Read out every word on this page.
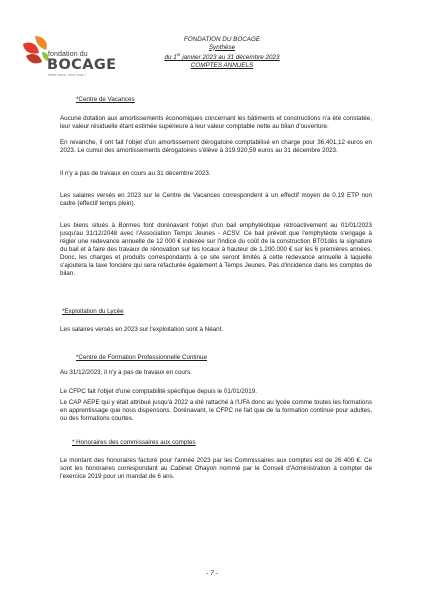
fondation du
BOCAGE
Notre force, c'est vous !
FONDATION DU BOCAGE
Synthèse
du 1er janvier 2023 au 31 décembre 2023
COMPTES ANNUELS
*Centre de Vacances

Aucune dotation aux amortissements économiques concernant les bâtiments et constructions n'a été constatée, leur valeur résiduelle étant estimée supérieure à leur valeur comptable nette au bilan d'ouverture.

En revanche, il ont fait l'objet d'un amortissement dérogatoire comptabilisé en charge pour 36.401,12 euros en 2023. Le cumul des amortissements dérogatoires s'élève à 319.920,59 euros au 31 décembre 2023.

Il n'y a pas de travaux en cours au 31 décembre 2023.

Les salaires versés en 2023 sur le Centre de Vacances correspondent à un effectif moyen de 0.19 ETP non cadre (effectif temps plein).

Les biens situés à Bormes font dorénavant l'objet d'un bail emphytéotique rétroactivement au 01/01/2023 jusqu'au 31/12/2048 avec l'Association Temps Jeunes - ACSV. Ce bail prévoit que l'emphytéote s'engage à régler une redevance annuelle de 12 000 € indexée sur l'indice du coût de la construction BT01dès la signature du bail et à faire des travaux de rénovation sur les locaux à hauteur de 1.200.000 € sur les 6 premières années. Donc, les charges et produits correspondants à ce site seront limités à cette redevance annuelle à laquelle s'ajoutera la taxe foncière qui sera refacturée également à Temps Jeunes. Pas d'incidence dans les comptes de bilan.

*Exploitation du Lycée

Les salaires versés en 2023 sur l'exploitation sont à Néant.

*Centre de Formation Professionnelle Continue

Au 31/12/2023, il n'y a pas de travaux en cours.

Le CFPC fait l'objet d'une comptabilité spécifique depuis le 01/01/2019.

Le CAP AEPE qui y était attribué jusqu'à 2022 a été rattaché à l'UFA donc au lycée comme toutes les formations en apprentissage que nous dispensons. Dorénavant, le CFPC ne fait que de la formation continue pour adultes, ou des formations courtes.

* Honoraires des commissaires aux comptes

Le montant des honoraires facturé pour l'année 2023 par les Commissaires aux comptes est de 26 400 €. Ce sont les honoraires correspondant au Cabinet Ohayon nommé par le Conseil d'Administration à compter de l'exercice 2019 pour un mandat de 6 ans.

- 7 -
